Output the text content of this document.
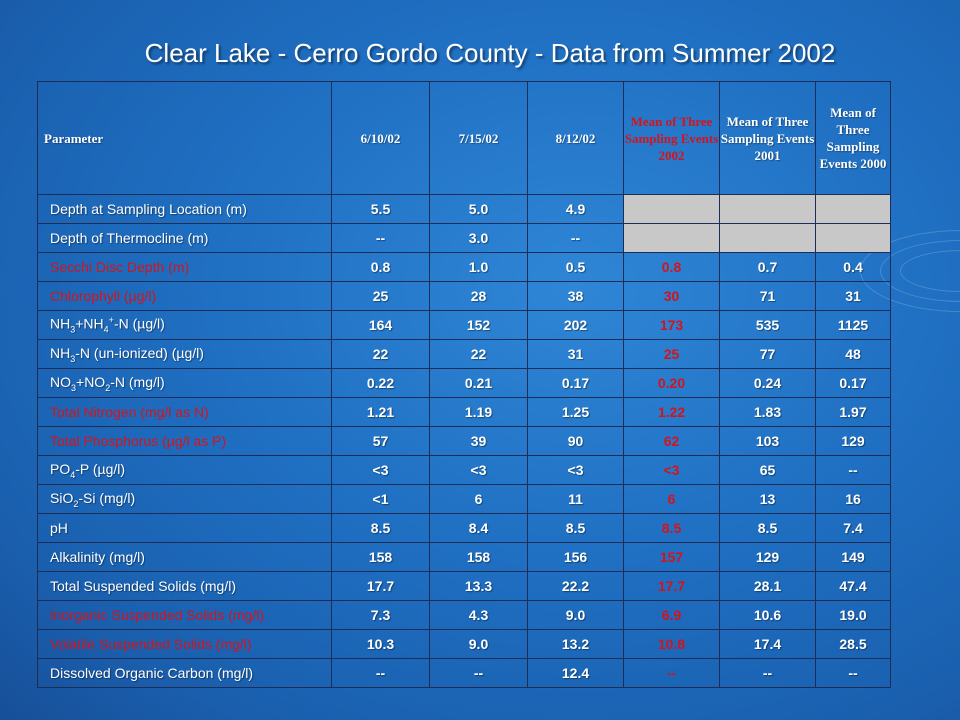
Clear Lake - Cerro Gordo County - Data from Summer 2002
Parameter	6/10/02	7/15/02	8/12/02	Mean of Three Sampling Events 2002	Mean of Three Sampling Events 2001	Mean of Three Sampling Events 2000
Depth at Sampling Location (m)	5.5	5.0	4.9			
Depth of Thermocline (m)	--	3.0	--			
Secchi Disc Depth (m)	0.8	1.0	0.5	0.8	0.7	0.4
Chlorophyll (µg/l)	25	28	38	30	71	31
$NH_3+NH_4^+-N$ (µg/l)	164	152	202	173	535	1125
$NH_3-N$ (un-ionized) (µg/l)	22	22	31	25	77	48
$NO_3+NO_2-N$ (mg/l)	0.22	0.21	0.17	0.20	0.24	0.17
Total Nitrogen (mg/l as N)	1.21	1.19	1.25	1.22	1.83	1.97
Total Phosphorus (µg/l as P)	57	39	90	62	103	129
$PO_4-P$ (µg/l)	<3	<3	<3	<3	65	--
SiO$_2$-Si (mg/l)	<1	6	11	6	13	16
pH	8.5	8.4	8.5	8.5	8.5	7.4
Alkalinity (mg/l)	158	158	156	157	129	149
Total Suspended Solids (mg/l)	17.7	13.3	22.2	17.7	28.1	47.4
Inorganic Suspended Solids (mg/l)	7.3	4.3	9.0	6.9	10.6	19.0
Volatile Suspended Solids (mg/l)	10.3	9.0	13.2	10.8	17.4	28.5
Dissolved Organic Carbon (mg/l)	--	--	12.4	--	--	--
